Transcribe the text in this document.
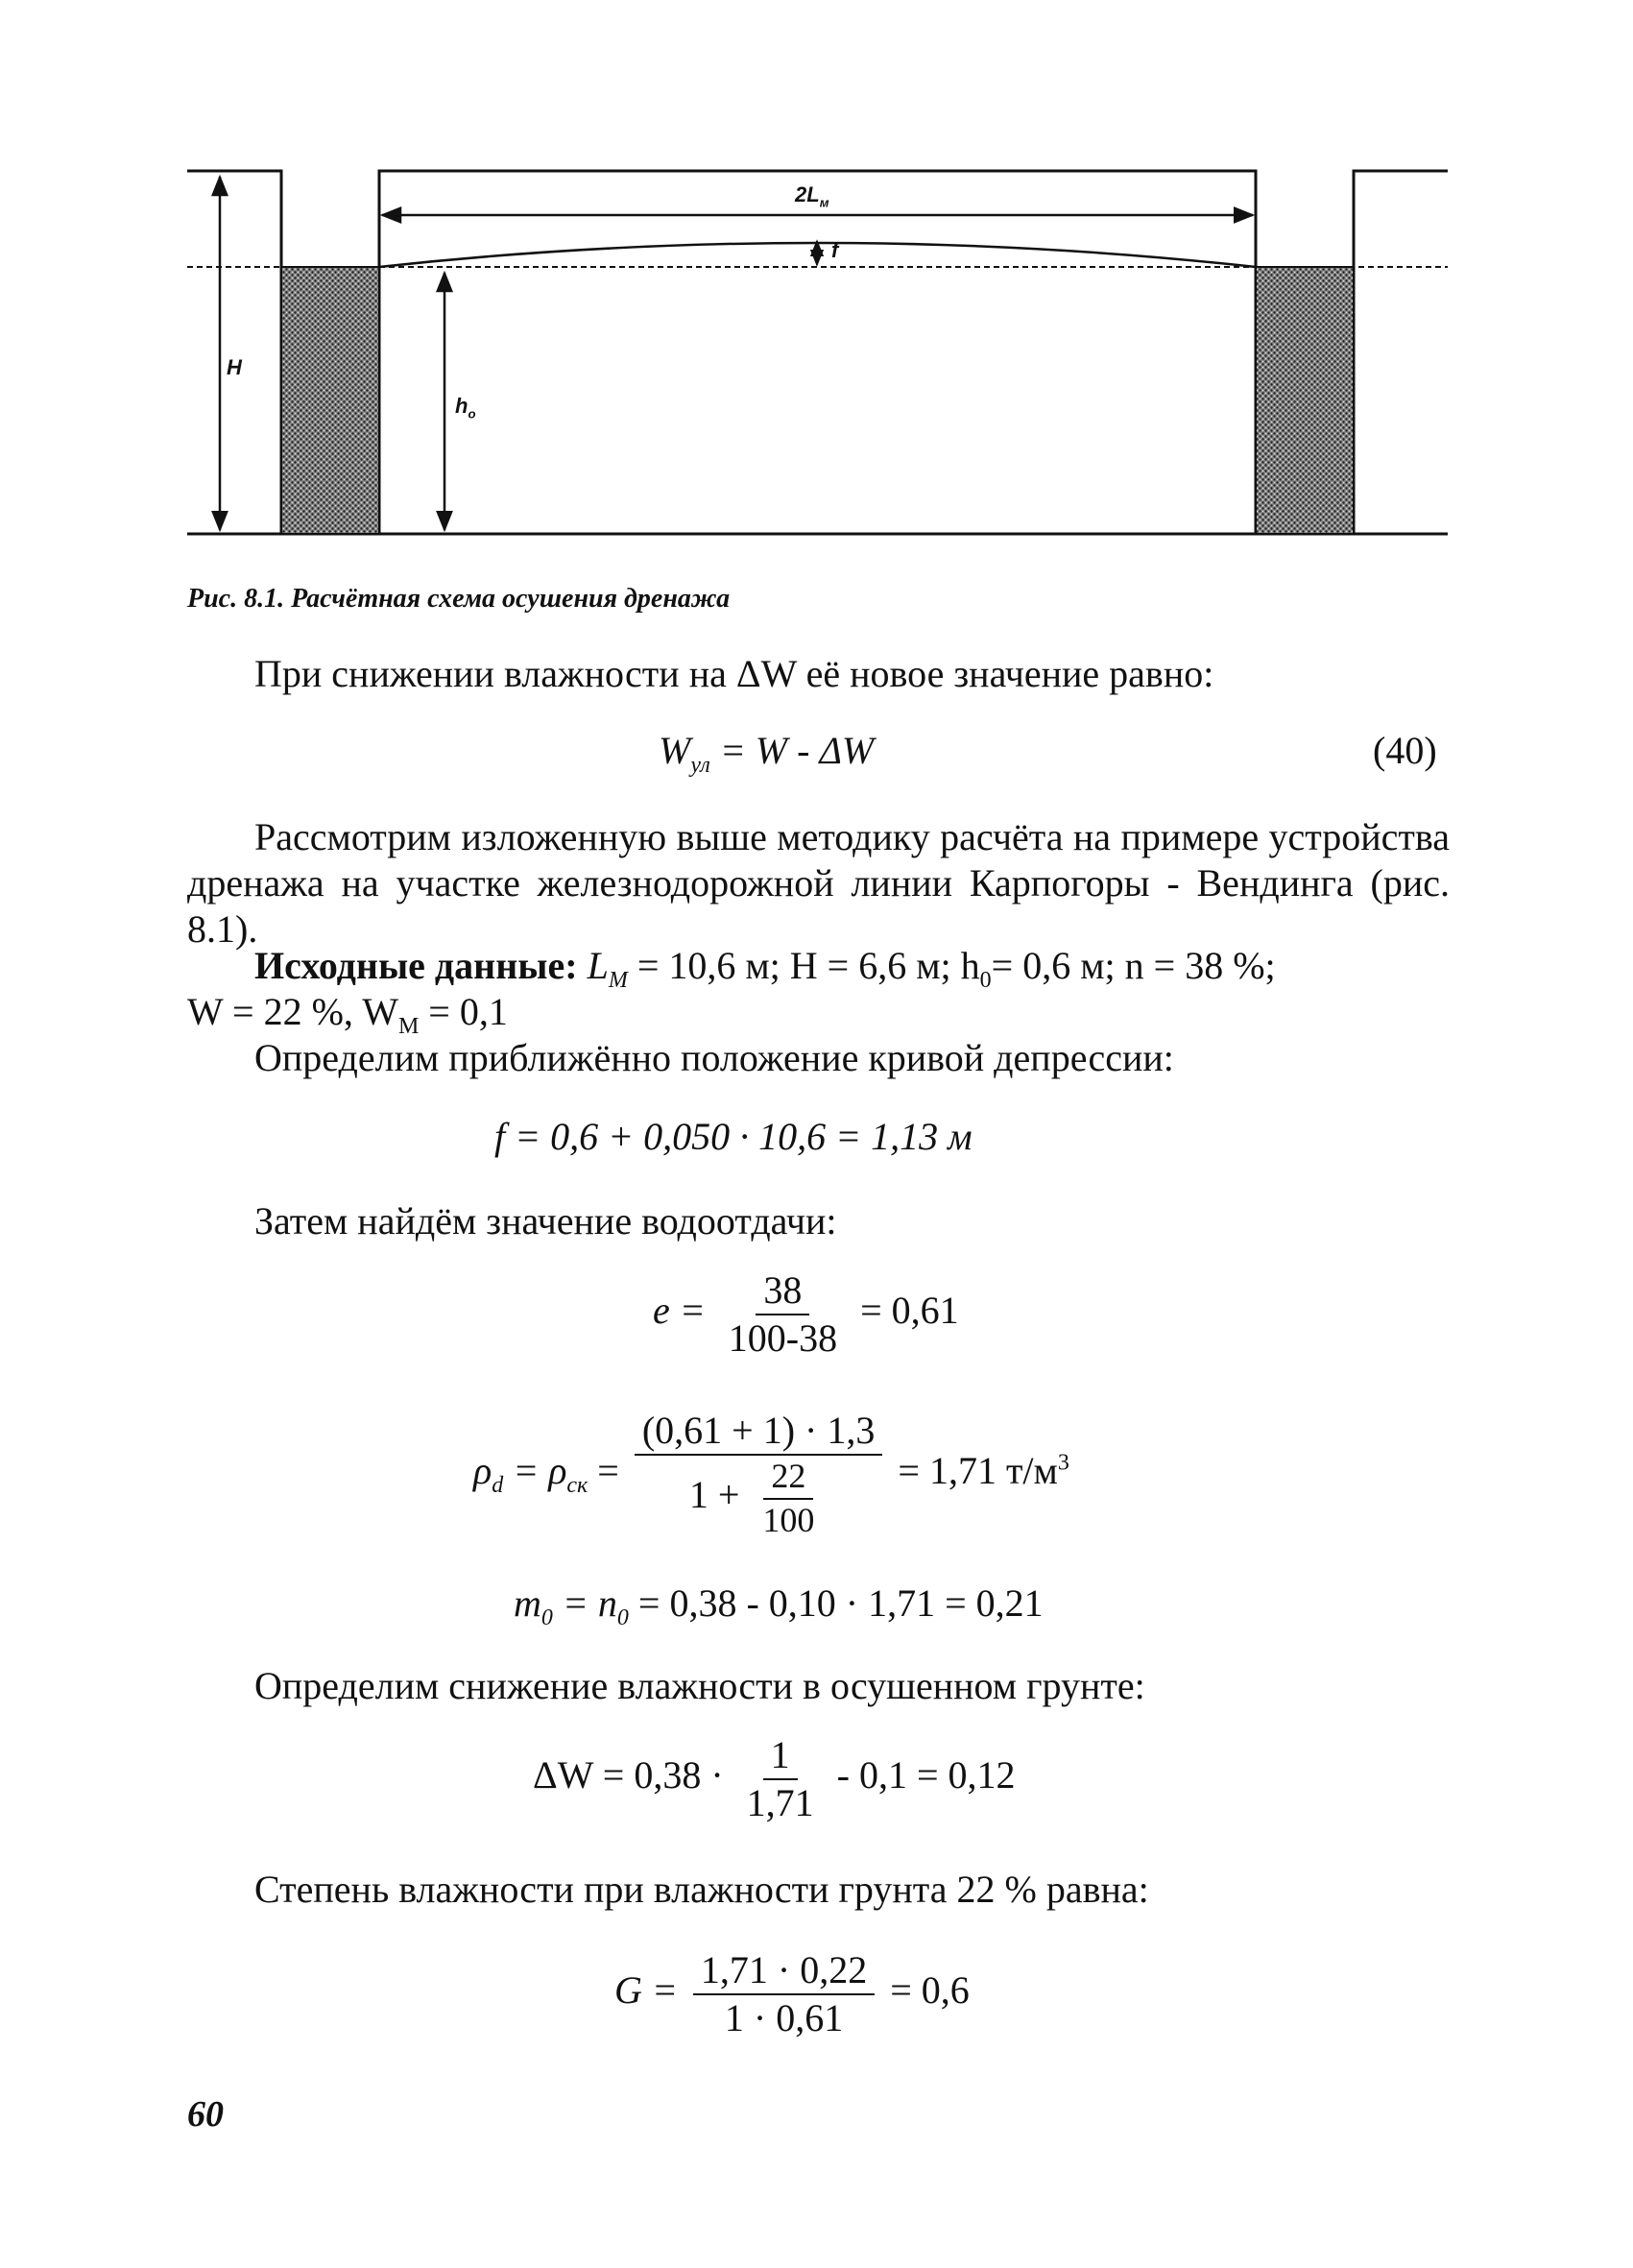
$2L_м$
f
H
$h_o$
Рис. 8.1. Расчётная схема осушения дренажа
При снижении влажности на ΔW её новое значение равно:
$W_{ул} = W - \Delta W$	(40)
Рассмотрим изложенную выше методику расчёта на примере устройства дренажа на участке железнодорожной линии Карпогоры - Вендинга (рис. 8.1).
Исходные данные: $L_M = 10,6$ м; H = 6,6 м; $h_0= 0,6$ м; n = 38 %;
W = 22 %, $W_M = 0,1$
Определим приближённо положение кривой депрессии:
f = 0,6 + 0,050 · 10,6 = 1,13 м
Затем найдём значение водоотдачи:
$e = \frac{38}{100-38} = 0,61$
$\rho_d = \rho_{ск} = \frac{(0,61 + 1) \cdot 1,3}{1 + \frac{22}{100}} = 1,71$ $т/м^3$
$m_0 = n_0 = 0,38 - 0,10 \cdot 1,71 = 0,21$
Определим снижение влажности в осушенном грунте:
$\Delta W = 0,38 \cdot \frac{1}{1,71} - 0,1 = 0,12$
Степень влажности при влажности грунта 22 % равна:
$G = \frac{1,71 \cdot 0,22}{1 \cdot 0,61} = 0,6$
60
